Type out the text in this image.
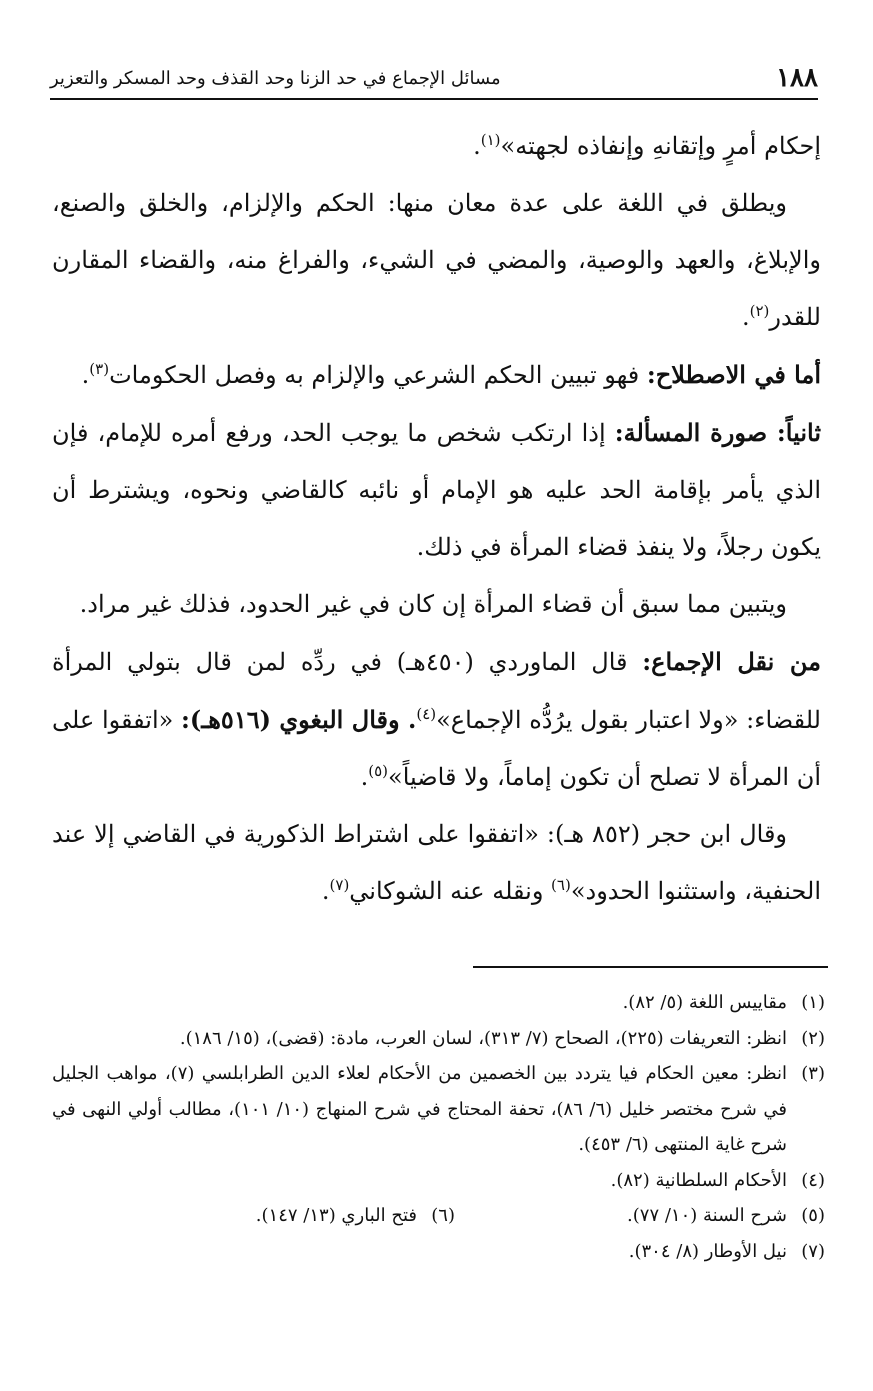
١٨٨
مسائل الإجماع في حد الزنا وحد القذف وحد المسكر والتعزير

إحكام أمرٍ وإتقانهِ وإنفاذه لجهته»$^{(١)}$.

ويطلق في اللغة على عدة معان منها: الحكم والإلزام، والخلق والصنع، والإبلاغ، والعهد والوصية، والمضي في الشيء، والفراغ منه، والقضاء المقارن للقدر$^{(٢)}$.

أما في الاصطلاح: فهو تبيين الحكم الشرعي والإلزام به وفصل الحكومات$^{(٣)}$.

ثانياً: صورة المسألة: إذا ارتكب شخص ما يوجب الحد، ورفع أمره للإمام، فإن الذي يأمر بإقامة الحد عليه هو الإمام أو نائبه كالقاضي ونحوه، ويشترط أن يكون رجلاً، ولا ينفذ قضاء المرأة في ذلك.

ويتبين مما سبق أن قضاء المرأة إن كان في غير الحدود، فذلك غير مراد.

من نقل الإجماع: قال الماوردي (٤٥٠هـ) في ردِّه لمن قال بتولي المرأة للقضاء: «ولا اعتبار بقول يرُدُّه الإجماع»$^{(٤)}$. وقال البغوي (٥١٦هـ): «اتفقوا على أن المرأة لا تصلح أن تكون إماماً، ولا قاضياً»$^{(٥)}$.

وقال ابن حجر (٨٥٢ هـ): «اتفقوا على اشتراط الذكورية في القاضي إلا عند الحنفية، واستثنوا الحدود»$^{(٦)}$ ونقله عنه الشوكاني$^{(٧)}$.

(١)
مقاييس اللغة (٥/ ٨٢).
(٢)
انظر: التعريفات (٢٢٥)، الصحاح (٧/ ٣١٣)، لسان العرب، مادة: (قضى)، (١٥/ ١٨٦).
(٣)
انظر: معين الحكام فيا يتردد بين الخصمين من الأحكام لعلاء الدين الطرابلسي (٧)، مواهب الجليل في شرح مختصر خليل (٦/ ٨٦)، تحفة المحتاج في شرح المنهاج (١٠/ ١٠١)، مطالب أولي النهى في شرح غاية المنتهى (٦/ ٤٥٣).
(٤)
الأحكام السلطانية (٨٢).
(٥)
شرح السنة (١٠/ ٧٧).
(٦)
فتح الباري (١٣/ ١٤٧).
(٧)
نيل الأوطار (٨/ ٣٠٤).
